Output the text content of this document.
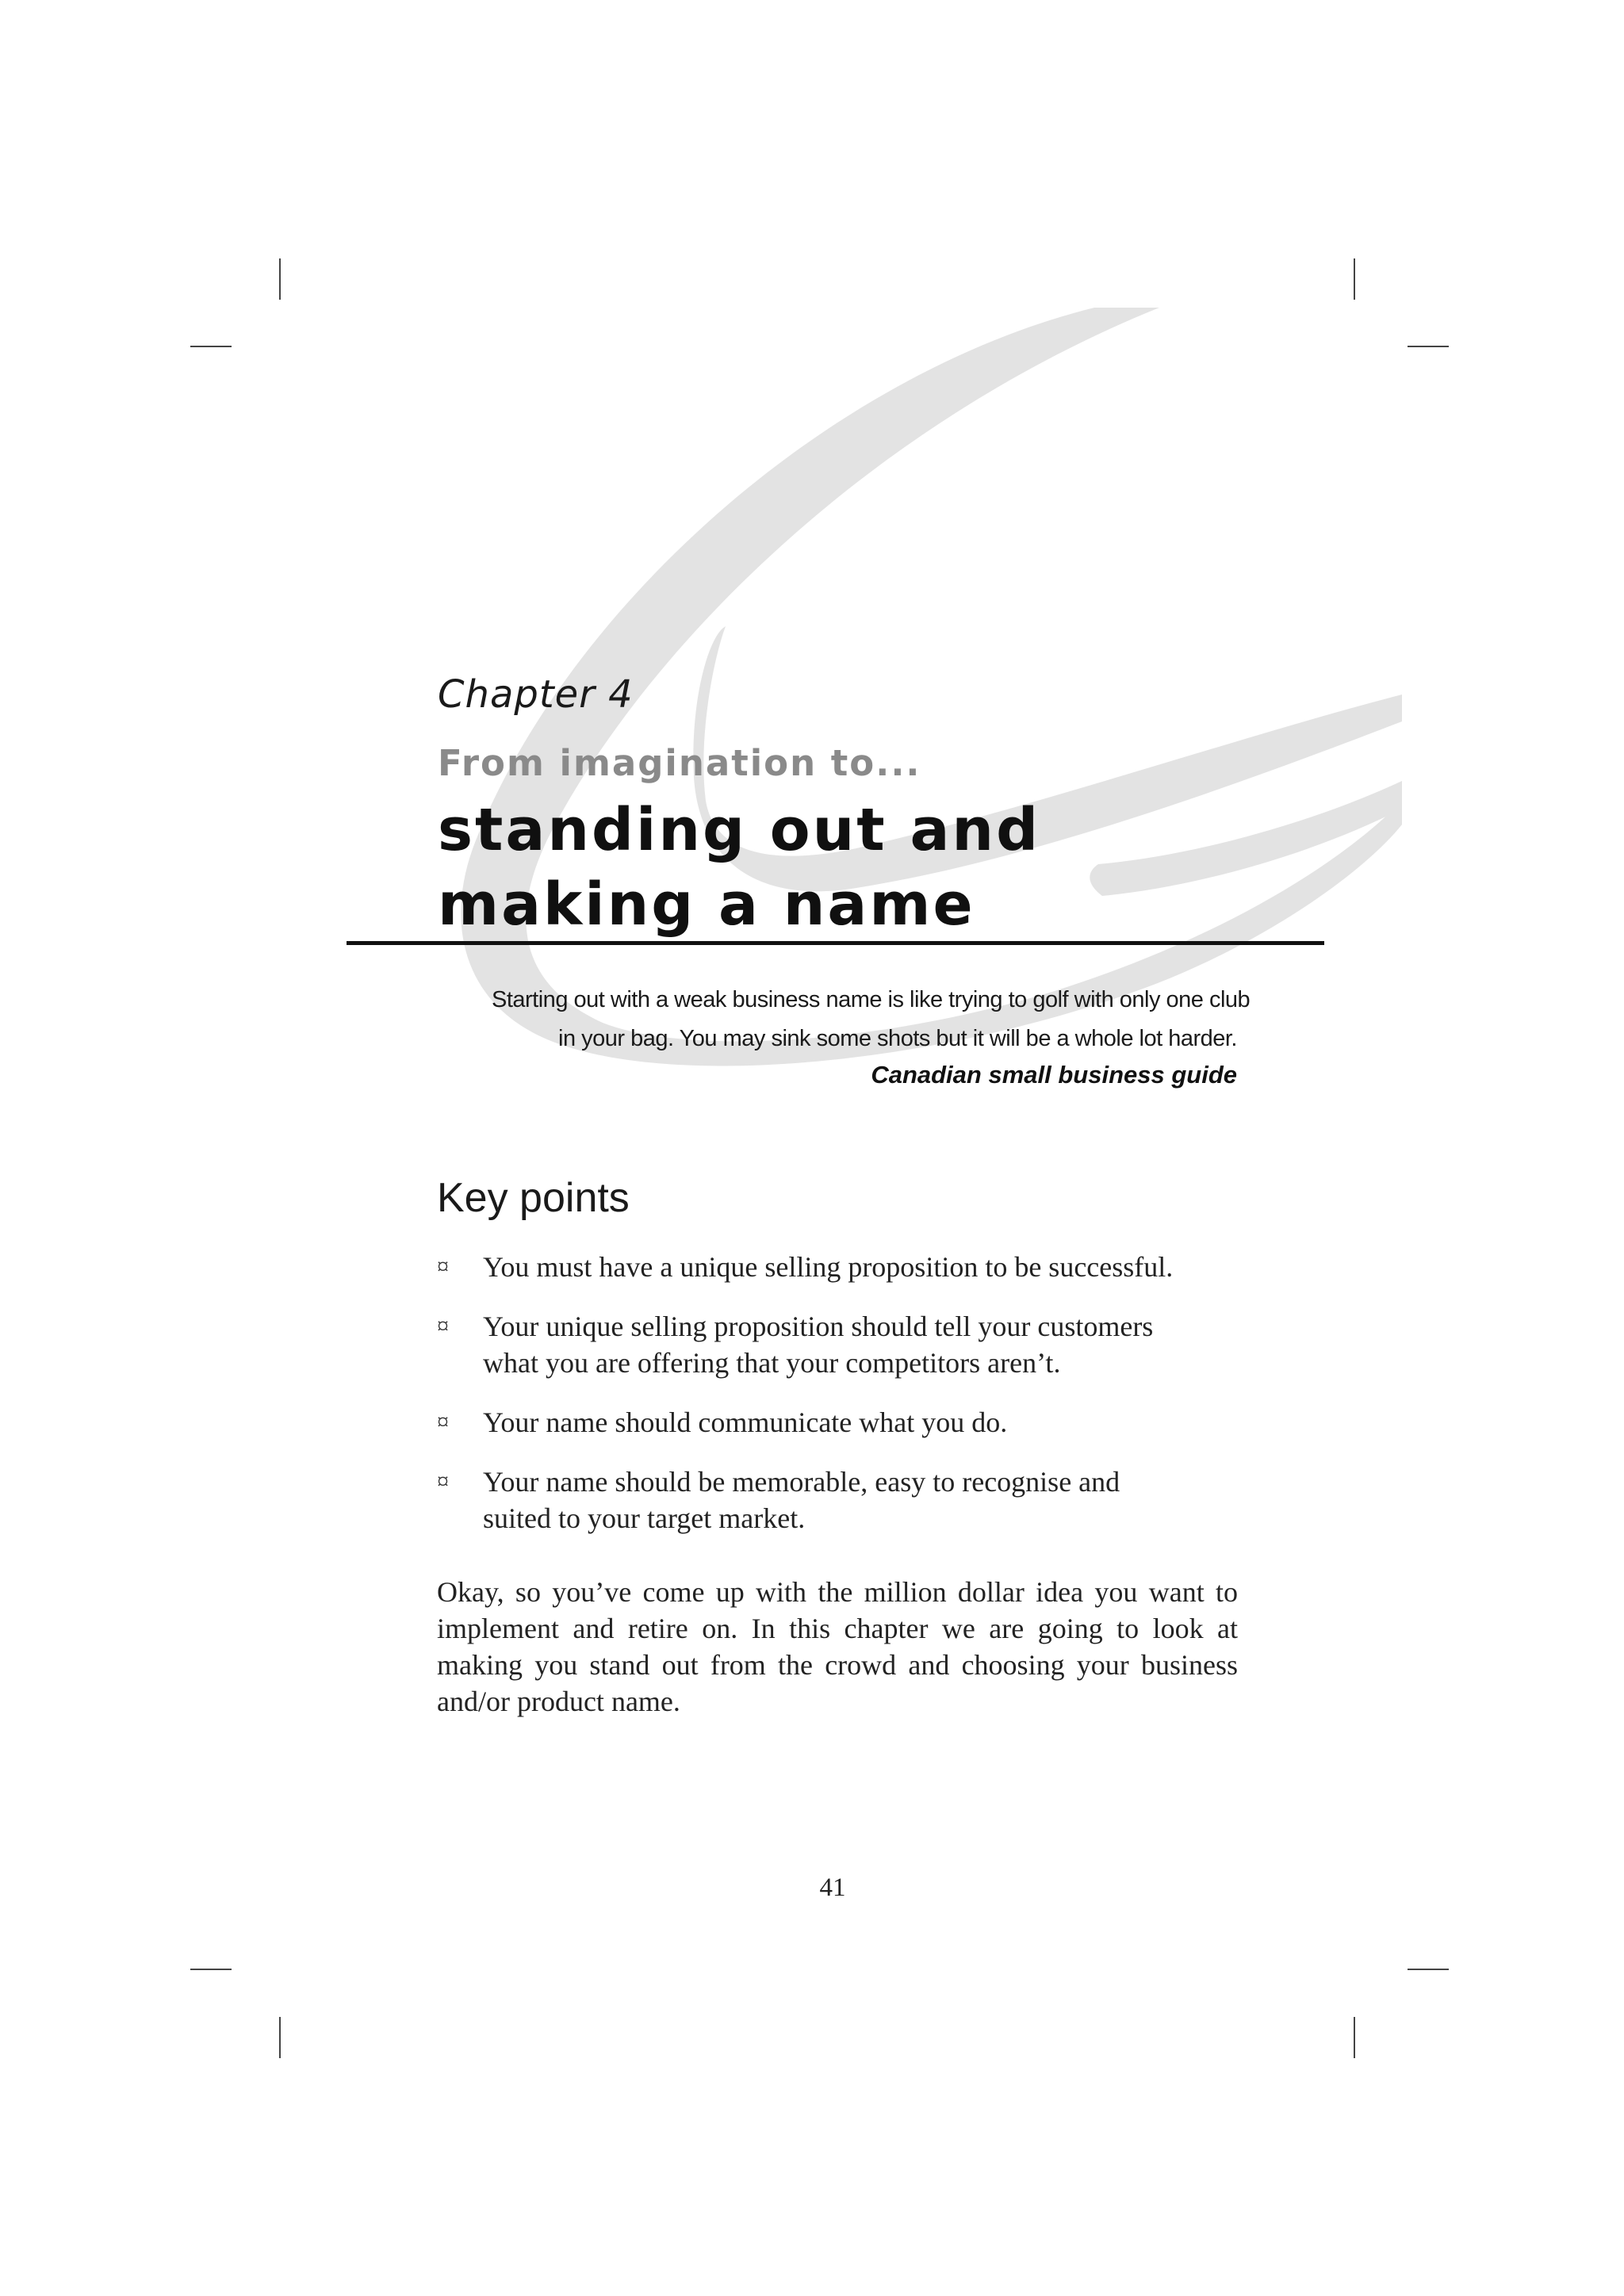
Chapter 4
From imagination to...
standing out and
making a name
Starting out with a weak business name is like trying to golf with only one club
in your bag. You may sink some shots but it will be a whole lot harder.
Canadian small business guide
Key points
¤ You must have a unique selling proposition to be successful.
¤ Your unique selling proposition should tell your customers
what you are offering that your competitors aren’t.
¤ Your name should communicate what you do.
¤ Your name should be memorable, easy to recognise and
suited to your target market.

Okay, so you’ve come up with the million dollar idea you want to
implement and retire on. In this chapter we are going to look at
making you stand out from the crowd and choosing your business
and/or product name.

41
